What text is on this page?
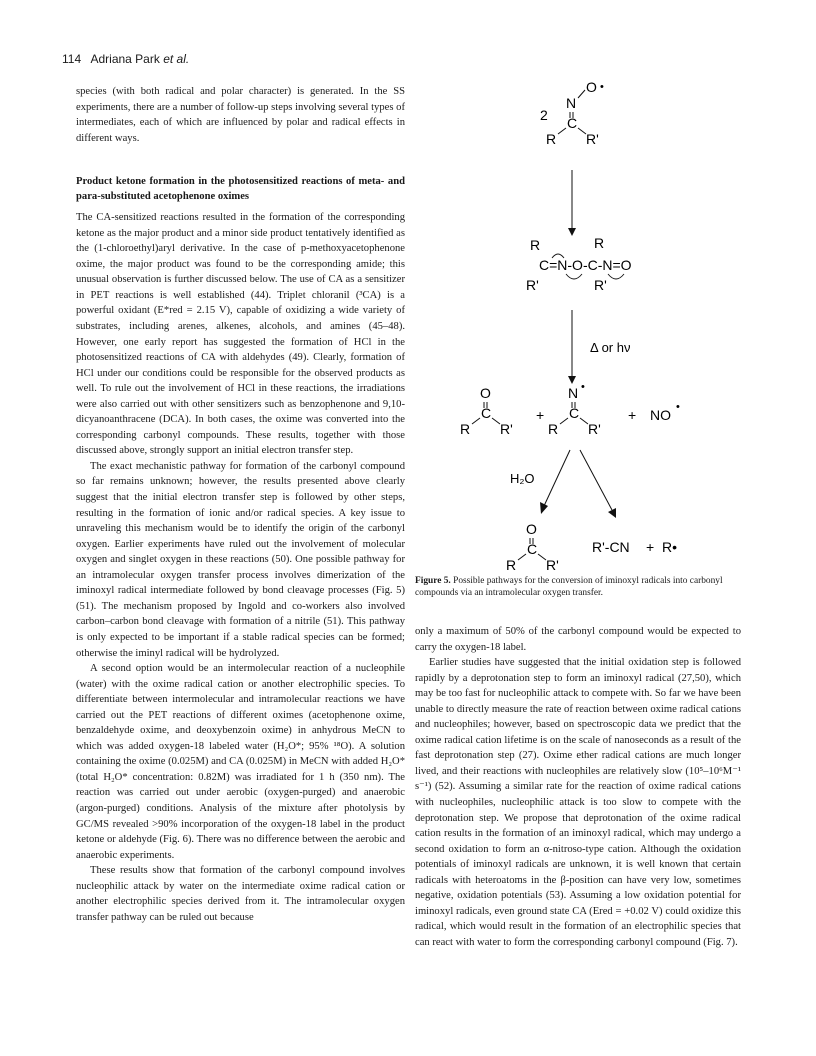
114 Adriana Park et al.

species (with both radical and polar character) is generated. In the SS experiments, there are a number of follow-up steps involving several types of intermediates, each of which are influenced by polar and radical effects in different ways.

Product ketone formation in the photosensitized reactions of meta- and para-substituted acetophenone oximes

The CA-sensitized reactions resulted in the formation of the corresponding ketone as the major product and a minor side product tentatively identified as the (1-chloroethyl)aryl derivative. In the case of p-methoxyacetophenone oxime, the major product was found to be the corresponding amide; this unusual observation is further discussed below. The use of CA as a sensitizer in PET reactions is well established (44). Triplet chloranil (³CA) is a powerful oxidant (E*red = 2.15 V), capable of oxidizing a wide variety of substrates, including arenes, alkenes, alcohols, and amines (45–48). However, one early report has suggested the formation of HCl in the photosensitized reactions of CA with aldehydes (49). Clearly, formation of HCl under our conditions could be responsible for the observed products as well. To rule out the involvement of HCl in these reactions, the irradiations were also carried out with other sensitizers such as benzophenone and 9,10-dicyanoanthracene (DCA). In both cases, the oxime was converted into the corresponding carbonyl compounds. These results, together with those discussed above, strongly support an initial electron transfer step.

The exact mechanistic pathway for formation of the carbonyl compound so far remains unknown; however, the results presented above clearly suggest that the initial electron transfer step is followed by other steps, resulting in the formation of ionic and/or radical species. A key issue to unraveling this mechanism would be to identify the origin of the carbonyl oxygen. Earlier experiments have ruled out the involvement of molecular oxygen and singlet oxygen in these reactions (50). One possible pathway for an intramolecular oxygen transfer process involves dimerization of the iminoxyl radical intermediate followed by bond cleavage processes (Fig. 5) (51). The mechanism proposed by Ingold and co-workers also involved carbon–carbon bond cleavage with formation of a nitrile (51). This pathway is only expected to be important if a stable radical species can be formed; otherwise the iminyl radical will be hydrolyzed.

A second option would be an intermolecular reaction of a nucleophile (water) with the oxime radical cation or another electrophilic species. To differentiate between intermolecular and intramolecular reactions we have carried out the PET reactions of different oximes (acetophenone oxime, benzaldehyde oxime, and deoxybenzoin oxime) in anhydrous MeCN to which was added oxygen-18 labeled water (H₂O*; 95% ¹⁸O). A solution containing the oxime (0.025M) and CA (0.025M) in MeCN with added H₂O* (total H₂O* concentration: 0.82M) was irradiated for 1 h (350 nm). The reaction was carried out under aerobic (oxygen-purged) and anaerobic (argon-purged) conditions. Analysis of the mixture after photolysis by GC/MS revealed >90% incorporation of the oxygen-18 label in the product ketone or aldehyde (Fig. 6). There was no difference between the aerobic and anaerobic experiments.

These results show that formation of the carbonyl compound involves nucleophilic attack by water on the intermediate oxime radical cation or another electrophilic species derived from it. The intramolecular oxygen transfer pathway can be ruled out because

2
N
O •
C
R R'
R	R
C=N-O-C-N=O
R'	R'
Δ or hν
O
C
R R'
+
N •
C
R R'
+ NO •
H₂O
O
C
R R'
R'-CN + R•
Figure 5. Possible pathways for the conversion of iminoxyl radicals into carbonyl compounds via an intramolecular oxygen transfer.

only a maximum of 50% of the carbonyl compound would be expected to carry the oxygen-18 label.

Earlier studies have suggested that the initial oxidation step is followed rapidly by a deprotonation step to form an iminoxyl radical (27,50), which may be too fast for nucleophilic attack to compete with. So far we have been unable to directly measure the rate of reaction between oxime radical cations and nucleophiles; however, based on spectroscopic data we predict that the oxime radical cation lifetime is on the scale of nanoseconds as a result of the fast deprotonation step (27). Oxime ether radical cations are much longer lived, and their reactions with nucleophiles are relatively slow (10⁵–10⁶M⁻¹ s⁻¹) (52). Assuming a similar rate for the reaction of oxime radical cations with nucleophiles, nucleophilic attack is too slow to compete with the deprotonation step. We propose that deprotonation of the oxime radical cation results in the formation of an iminoxyl radical, which may undergo a second oxidation to form an α-nitroso-type cation. Although the oxidation potentials of iminoxyl radicals are unknown, it is well known that certain radicals with heteroatoms in the β-position can have very low, sometimes negative, oxidation potentials (53). Assuming a low oxidation potential for iminoxyl radicals, even ground state CA (Ered = +0.02 V) could oxidize this radical, which would result in the formation of an electrophilic species that can react with water to form the corresponding carbonyl compound (Fig. 7).
